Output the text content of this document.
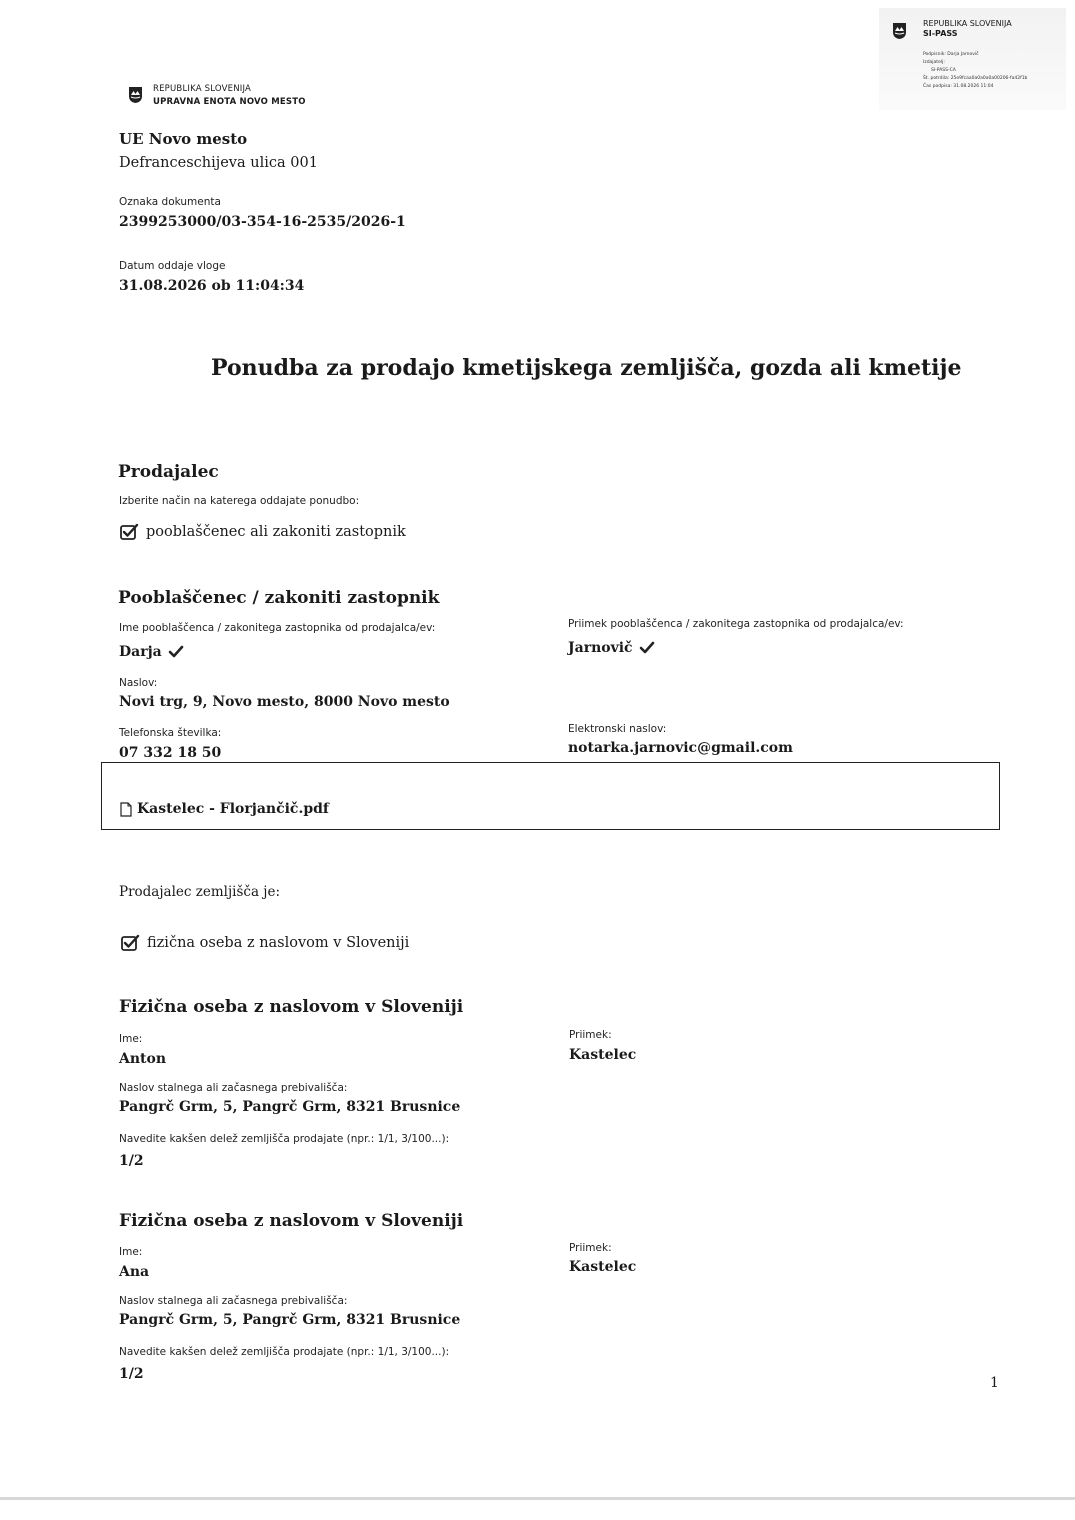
REPUBLIKA SLOVENIJA
SI-PASS
Podpisnik: Darja Jarnovič
Izdajatelj:
SI-PASS-CA
Št. potrdila: 25e9fcaa0a0a0a0a00206-fa42f1b
Čas podpisa: 31.08.2026 11:04
REPUBLIKA SLOVENIJA
UPRAVNA ENOTA NOVO MESTO
UE Novo mesto
Defranceschijeva ulica 001
Oznaka dokumenta
2399253000/03-354-16-2535/2026-1
Datum oddaje vloge
31.08.2026 ob 11:04:34
Ponudba za prodajo kmetijskega zemljišča, gozda ali kmetije
Prodajalec
Izberite način na katerega oddajate ponudbo:
pooblaščenec ali zakoniti zastopnik
Pooblaščenec / zakoniti zastopnik
Ime pooblaščenca / zakonitega zastopnika od prodajalca/ev:
Darja
Priimek pooblaščenca / zakonitega zastopnika od prodajalca/ev:
Jarnovič
Naslov:
Novi trg, 9, Novo mesto, 8000 Novo mesto
Telefonska številka:
07 332 18 50
Elektronski naslov:
notarka.jarnovic@gmail.com
Kastelec - Florjančič.pdf
Prodajalec zemljišča je:
fizična oseba z naslovom v Sloveniji
Fizična oseba z naslovom v Sloveniji
Ime:
Anton
Priimek:
Kastelec
Naslov stalnega ali začasnega prebivališča:
Pangrč Grm, 5, Pangrč Grm, 8321 Brusnice
Navedite kakšen delež zemljišča prodajate (npr.: 1/1, 3/100...):
1/2
Fizična oseba z naslovom v Sloveniji
Ime:
Ana
Priimek:
Kastelec
Naslov stalnega ali začasnega prebivališča:
Pangrč Grm, 5, Pangrč Grm, 8321 Brusnice
Navedite kakšen delež zemljišča prodajate (npr.: 1/1, 3/100...):
1/2
1
